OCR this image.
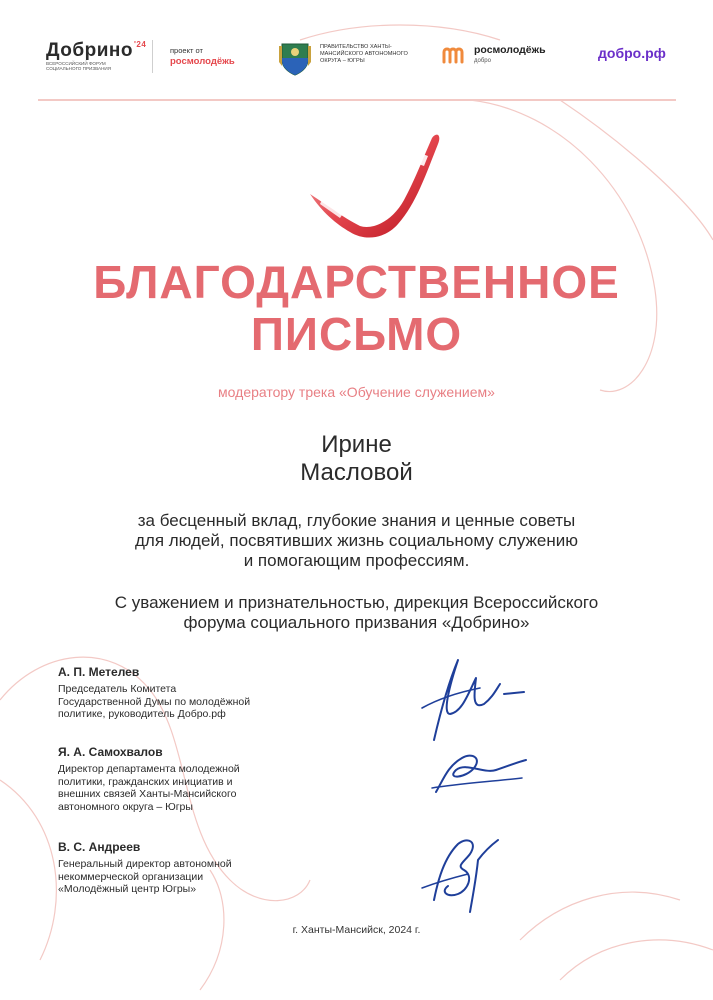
Добрино$^{'24}$
ВСЕРОССИЙСКИЙ ФОРУМ СОЦИАЛЬНОГО ПРИЗВАНИЯ
проект от
росмолодёжь
ПРАВИТЕЛЬСТВО ХАНТЫ-МАНСИЙСКОГО АВТОНОМНОГО ОКРУГА – ЮГРЫ
росмолодёжь
добро	добро.рф
БЛАГОДАРСТВЕННОЕ
ПИСЬМО
модератору трека «Обучение служением»
Ирине
Масловой
за бесценный вклад, глубокие знания и ценные советы
для людей, посвятивших жизнь социальному служению
и помогающим профессиям.
С уважением и признательностью, дирекция Всероссийского
форума социального призвания «Добрино»
А. П. Метелев
Председатель Комитета
Государственной Думы по молодёжной
политике, руководитель Добро.рф
Я. А. Самохвалов
Директор департамента молодежной
политики, гражданских инициатив и
внешних связей Ханты-Мансийского
автономного округа – Югры
В. С. Андреев
Генеральный директор автономной
некоммерческой организации
«Молодёжный центр Югры»
г. Ханты-Мансийск, 2024 г.
